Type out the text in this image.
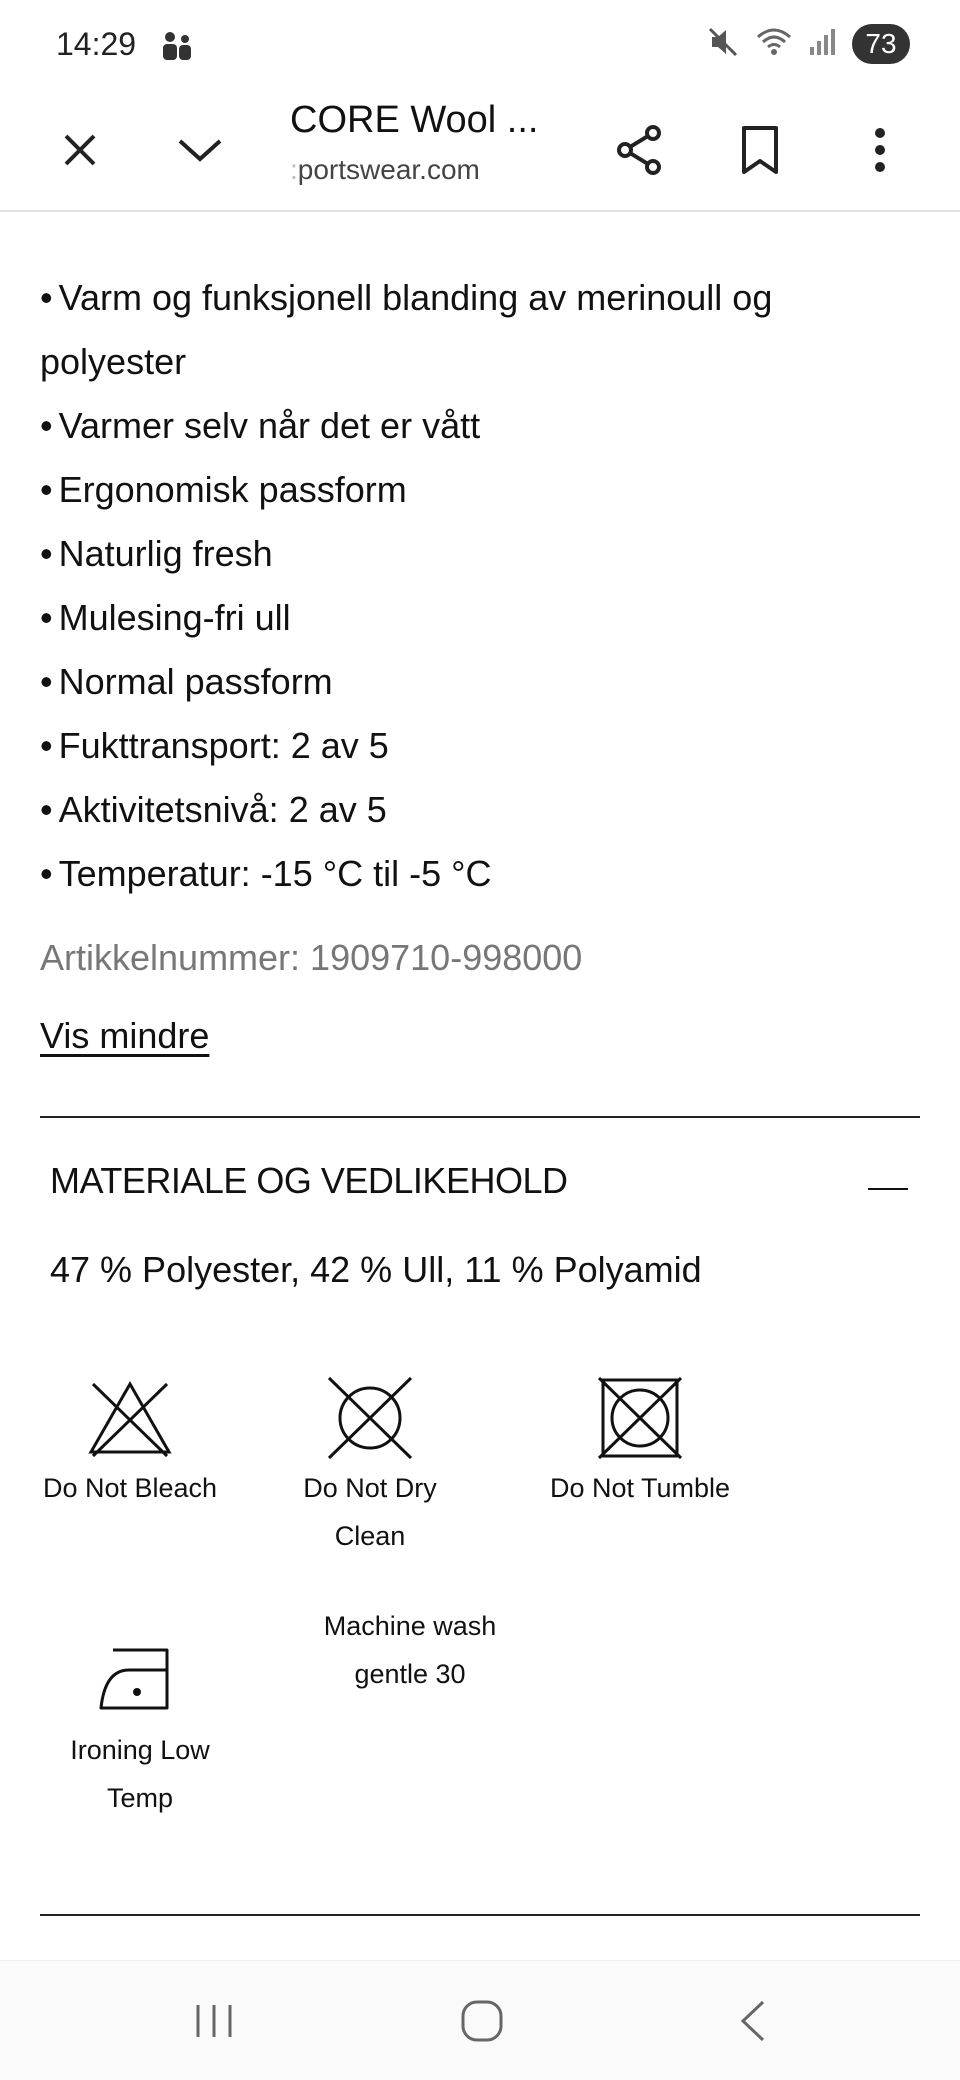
14:29	73
CORE Wool ...
:portswear.com
• Varm og funksjonell blanding av merinoull og polyester
• Varmer selv når det er vått
• Ergonomisk passform
• Naturlig fresh
• Mulesing-fri ull
• Normal passform
• Fukttransport: 2 av 5
• Aktivitetsnivå: 2 av 5
• Temperatur: -15 °C til -5 °C
Artikkelnummer: 1909710-998000
Vis mindre
MATERIALE OG VEDLIKEHOLD
47 % Polyester, 42 % Ull, 11 % Polyamid
Do Not Bleach	Do Not Dry Clean
Do Not Tumble
Ironing Low Temp
Machine wash gentle 30
